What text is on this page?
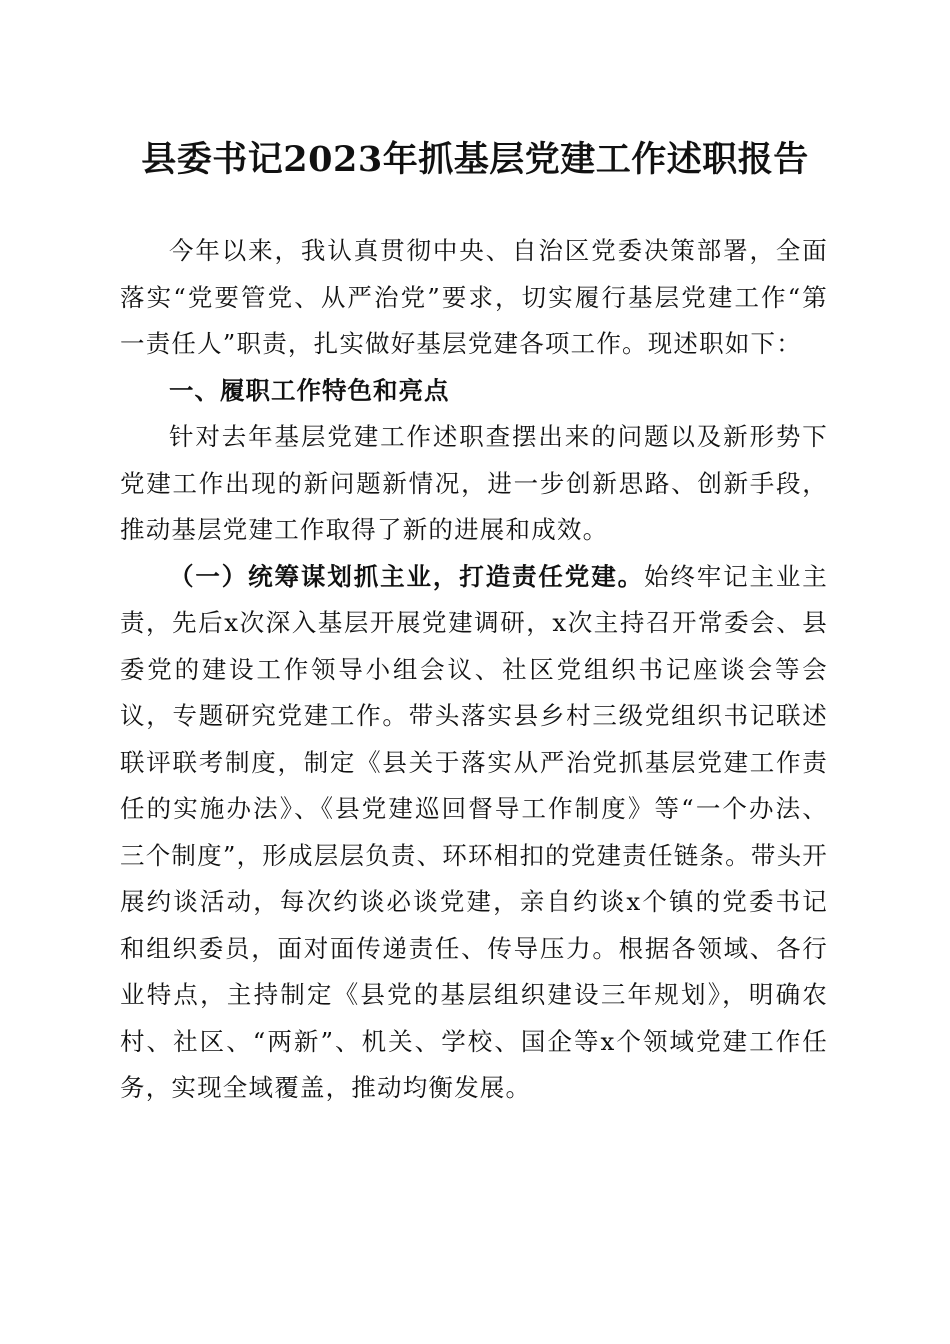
县委书记2023年抓基层党建工作述职报告

今年以来，我认真贯彻中央、自治区党委决策部署，全面落实“党要管党、从严治党”要求，切实履行基层党建工作“第一责任人”职责，扎实做好基层党建各项工作。现述职如下：

一、履职工作特色和亮点

针对去年基层党建工作述职查摆出来的问题以及新形势下党建工作出现的新问题新情况，进一步创新思路、创新手段，推动基层党建工作取得了新的进展和成效。

（一）统筹谋划抓主业，打造责任党建。始终牢记主业主责，先后x次深入基层开展党建调研，x次主持召开常委会、县委党的建设工作领导小组会议、社区党组织书记座谈会等会议，专题研究党建工作。带头落实县乡村三级党组织书记联述联评联考制度，制定《县关于落实从严治党抓基层党建工作责任的实施办法》、《县党建巡回督导工作制度》等“一个办法、三个制度”，形成层层负责、环环相扣的党建责任链条。带头开展约谈活动，每次约谈必谈党建，亲自约谈x个镇的党委书记和组织委员，面对面传递责任、传导压力。根据各领域、各行业特点，主持制定《县党的基层组织建设三年规划》，明确农村、社区、“两新”、机关、学校、国企等x个领域党建工作任务，实现全域覆盖，推动均衡发展。
